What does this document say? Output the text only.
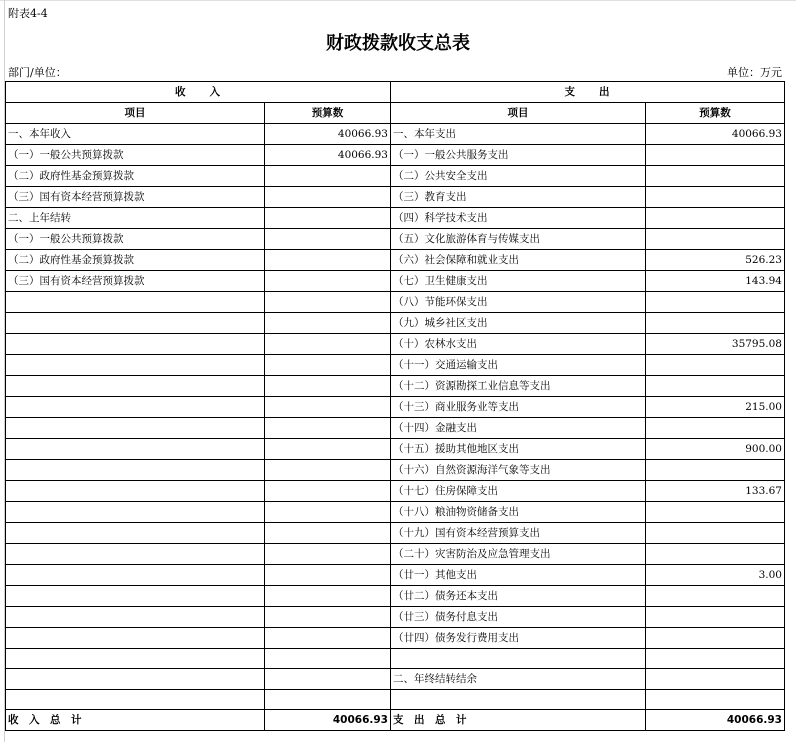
附表4-4
财政拨款收支总表
部门/单位：	单位：万元
收　　入		支　　出	
项目	预算数	项目	预算数
一、本年收入	40066.93	一、本年支出	40066.93
（一）一般公共预算拨款	40066.93	（一）一般公共服务支出	
（二）政府性基金预算拨款		（二）公共安全支出	
（三）国有资本经营预算拨款		（三）教育支出	
二、上年结转		（四）科学技术支出	
（一）一般公共预算拨款		（五）文化旅游体育与传媒支出	
（二）政府性基金预算拨款		（六）社会保障和就业支出	526.23
（三）国有资本经营预算拨款		（七）卫生健康支出	143.94
		（八）节能环保支出	
		（九）城乡社区支出	
		（十）农林水支出	35795.08
		（十一）交通运输支出	
		（十二）资源勘探工业信息等支出	
		（十三）商业服务业等支出	215.00
		（十四）金融支出	
		（十五）援助其他地区支出	900.00
		（十六）自然资源海洋气象等支出	
		（十七）住房保障支出	133.67
		（十八）粮油物资储备支出	
		（十九）国有资本经营预算支出	
		（二十）灾害防治及应急管理支出	
		（廿一）其他支出	3.00
		（廿二）债务还本支出	
		（廿三）债务付息支出	
		（廿四）债务发行费用支出	

		二、年终结转结余	

收　入　总　计	40066.93	支　出　总　计	40066.93
